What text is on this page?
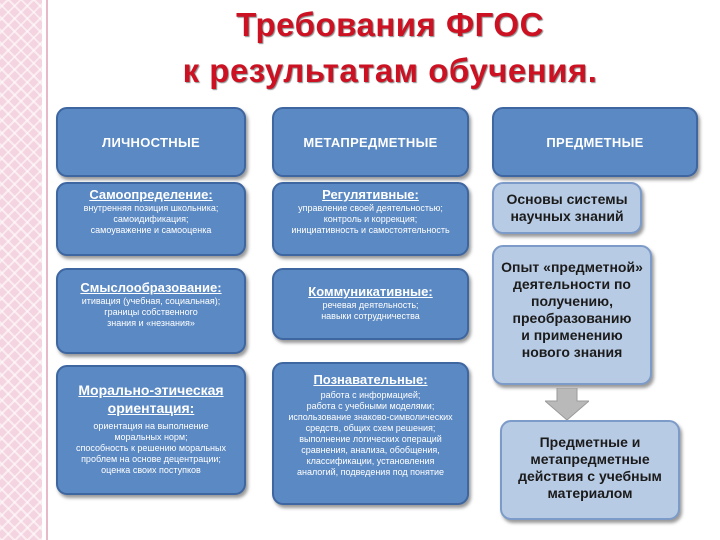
Требования ФГОС
к результатам обучения.
ЛИЧНОСТНЫЕ	МЕТАПРЕДМЕТНЫЕ	ПРЕДМЕТНЫЕ
Самоопределение:
внутренняя позиция школьника;
самоидификация;
самоуважение и самооценка
Смыслообразование:
итивация (учебная, социальная);
границы собственного
знания и «незнания»
Морально-этическая
ориентация:
ориентация на выполнение
моральных норм;
способность к решению моральных
проблем на основе децентрации;
оценка своих поступков
Регулятивные:
управление своей деятельностью;
контроль и коррекция;
инициативность и самостоятельность
Коммуникативные:
речевая деятельность;
навыки сотрудничества
Познавательные:
работа с информацией;
работа с учебными моделями;
использование знаково-символических
средств, общих схем решения;
выполнение логических операций
сравнения, анализа, обобщения,
классификации, установления
аналогий, подведения под понятие
Основы системы
научных знаний
Опыт «предметной»
деятельности по
получению,
преобразованию
и применению
нового знания
Предметные и
метапредметные
действия с учебным
материалом
